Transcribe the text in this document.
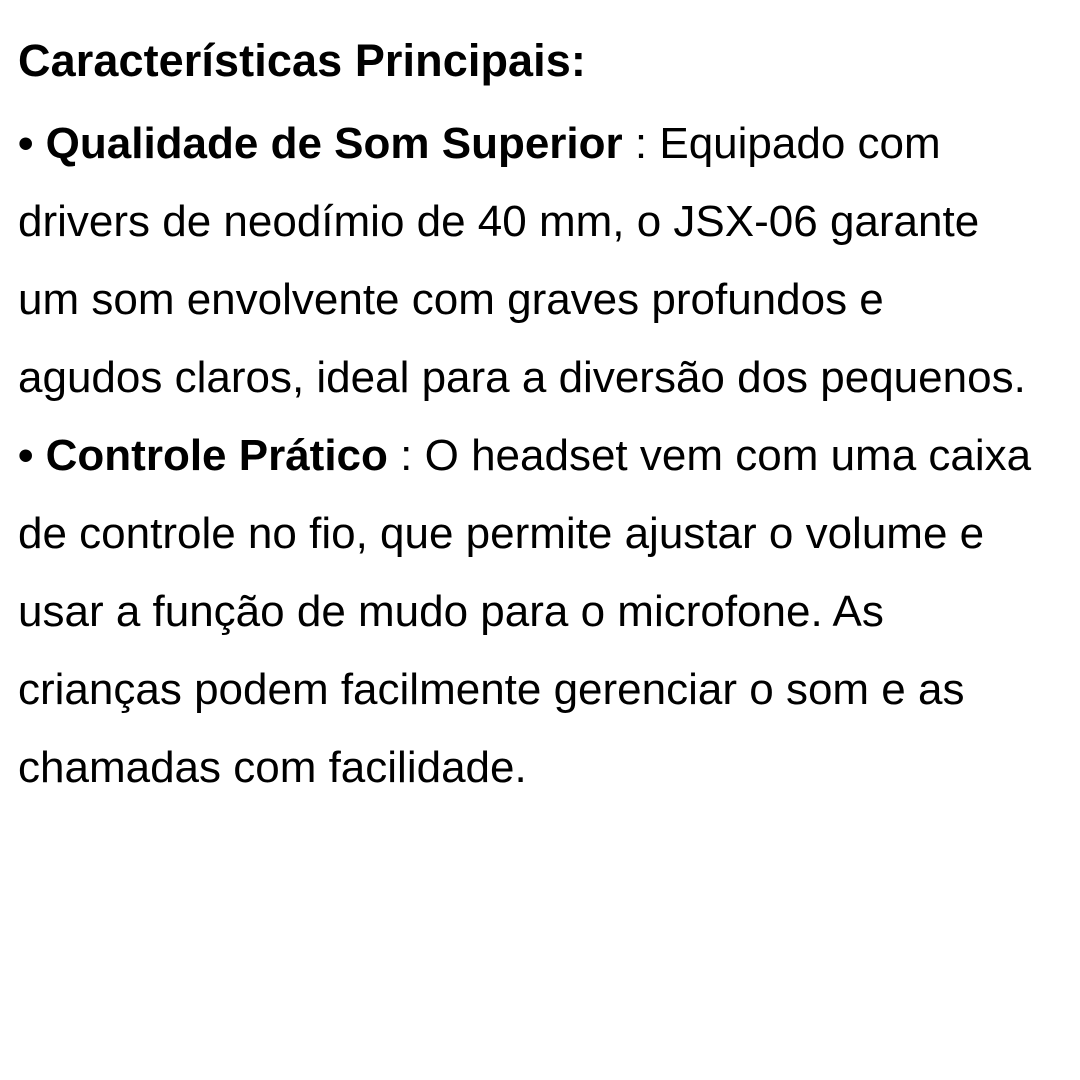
Características Principais:

• Qualidade de Som Superior : Equipado com drivers de neodímio de 40 mm, o JSX-06 garante um som envolvente com graves profundos e agudos claros, ideal para a diversão dos pequenos.

• Controle Prático : O headset vem com uma caixa de controle no fio, que permite ajustar o volume e usar a função de mudo para o microfone. As crianças podem facilmente gerenciar o som e as chamadas com facilidade.
